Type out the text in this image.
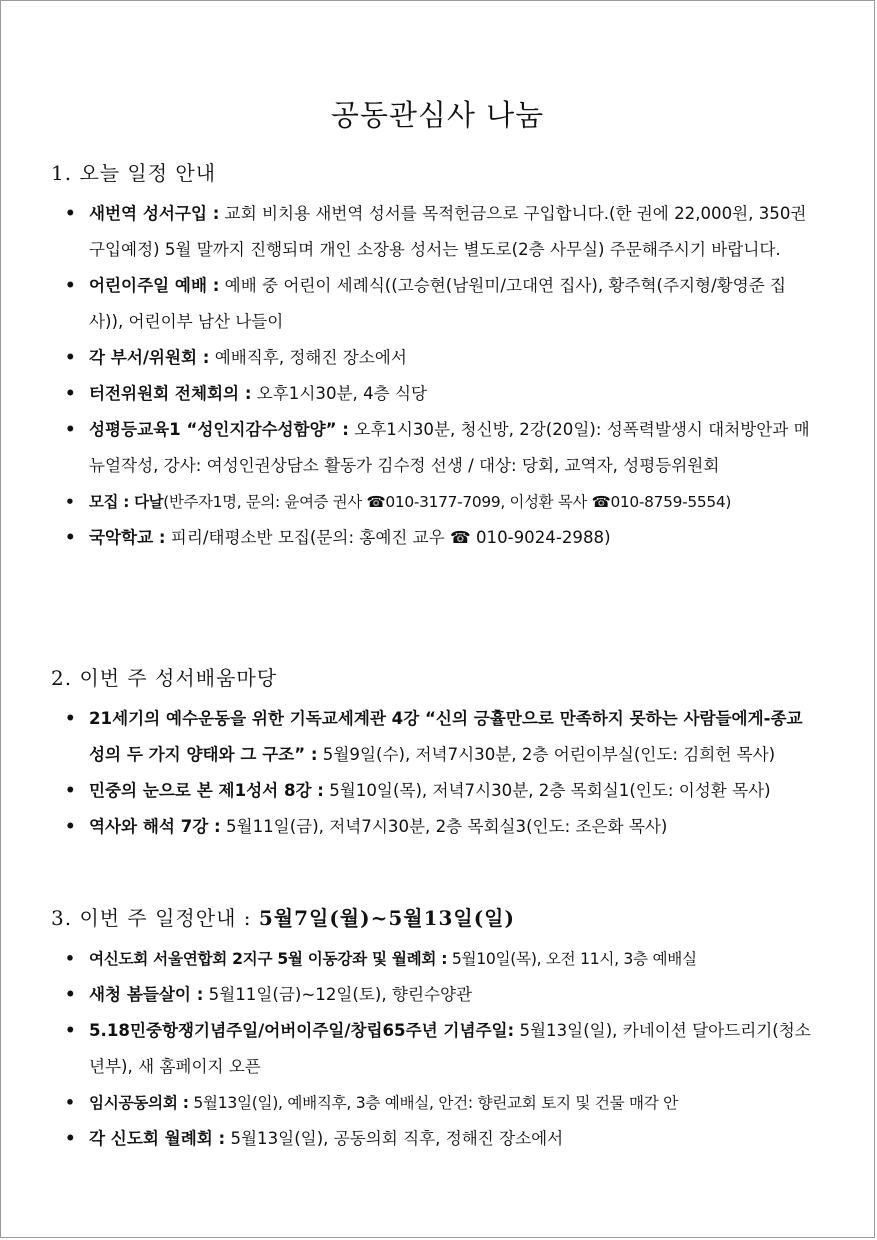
공동관심사 나눔
1. 오늘 일정 안내
• 새번역 성서구입 : 교회 비치용 새번역 성서를 목적헌금으로 구입합니다.(한 권에 22,000원, 350권 구입예정) 5월 말까지 진행되며 개인 소장용 성서는 별도로(2층 사무실) 주문해주시기 바랍니다.
• 어린이주일 예배 : 예배 중 어린이 세례식((고승현(남원미/고대연 집사), 황주혁(주지형/황영준 집사)), 어린이부 남산 나들이
• 각 부서/위원회 : 예배직후, 정해진 장소에서
• 터전위원회 전체회의 : 오후1시30분, 4층 식당
• 성평등교육1 “성인지감수성함양” : 오후1시30분, 청신방, 2강(20일): 성폭력발생시 대처방안과 매뉴얼작성, 강사: 여성인권상담소 활동가 김수정 선생 / 대상: 당회, 교역자, 성평등위원회
• 모집 : 다날(반주자1명, 문의: 윤여증 권사 ☎010-3177-7099, 이성환 목사 ☎010-8759-5554)
• 국악학교 : 피리/태평소반 모집(문의: 홍예진 교우 ☎ 010-9024-2988)
2. 이번 주 성서배움마당
• 21세기의 예수운동을 위한 기독교세계관 4강 “신의 긍휼만으로 만족하지 못하는 사람들에게-종교성의 두 가지 양태와 그 구조” : 5월9일(수), 저녁7시30분, 2층 어린이부실(인도: 김희헌 목사)
• 민중의 눈으로 본 제1성서 8강 : 5월10일(목), 저녁7시30분, 2층 목회실1(인도: 이성환 목사)
• 역사와 해석 7강 : 5월11일(금), 저녁7시30분, 2층 목회실3(인도: 조은화 목사)
3. 이번 주 일정안내 : 5월7일(월)~5월13일(일)
• 여신도회 서울연합회 2지구 5월 이동강좌 및 월례회 : 5월10일(목), 오전 11시, 3층 예배실
• 새청 봄들살이 : 5월11일(금)~12일(토), 향린수양관
• 5.18민중항쟁기념주일/어버이주일/창립65주년 기념주일: 5월13일(일), 카네이션 달아드리기(청소년부), 새 홈페이지 오픈
• 임시공동의회 : 5월13일(일), 예배직후, 3층 예배실, 안건: 향린교회 토지 및 건물 매각 안
• 각 신도회 월례회 : 5월13일(일), 공동의회 직후, 정해진 장소에서
